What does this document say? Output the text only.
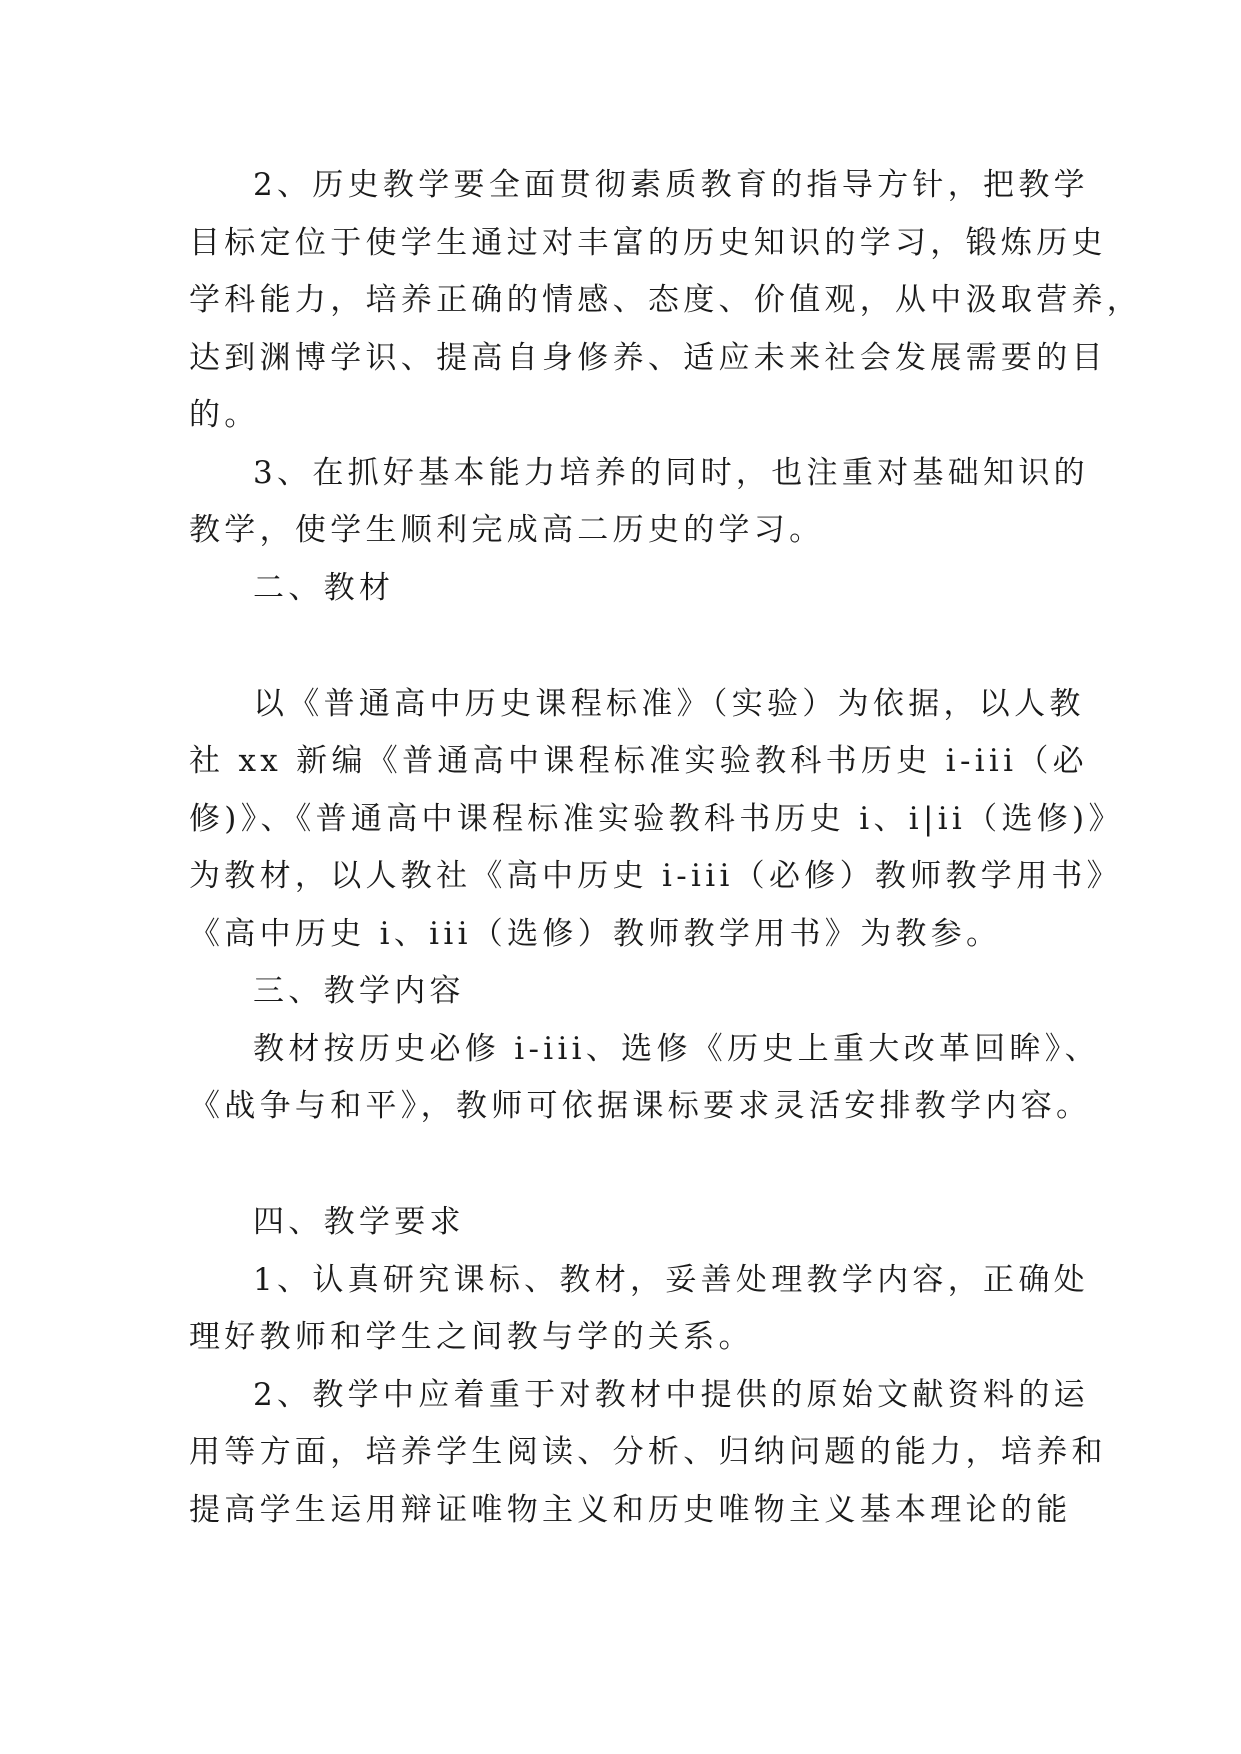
2、历史教学要全面贯彻素质教育的指导方针，把教学

目标定位于使学生通过对丰富的历史知识的学习，锻炼历史

学科能力，培养正确的情感、态度、价值观，从中汲取营养，

达到渊博学识、提高自身修养、适应未来社会发展需要的目

的。

3、在抓好基本能力培养的同时，也注重对基础知识的

教学，使学生顺利完成高二历史的学习。

二、教材

以《普通高中历史课程标准》（实验）为依据，以人教

社 xx 新编《普通高中课程标准实验教科书历史 i-iii（必

修)》、《普通高中课程标准实验教科书历史 i、i|ii（选修)》

为教材，以人教社《高中历史 i-iii（必修）教师教学用书》

《高中历史 i、iii（选修）教师教学用书》为教参。

三、教学内容

教材按历史必修 i-iii、选修《历史上重大改革回眸》、

《战争与和平》，教师可依据课标要求灵活安排教学内容。

四、教学要求

1、认真研究课标、教材，妥善处理教学内容，正确处

理好教师和学生之间教与学的关系。

2、教学中应着重于对教材中提供的原始文献资料的运

用等方面，培养学生阅读、分析、归纳问题的能力，培养和

提高学生运用辩证唯物主义和历史唯物主义基本理论的能
